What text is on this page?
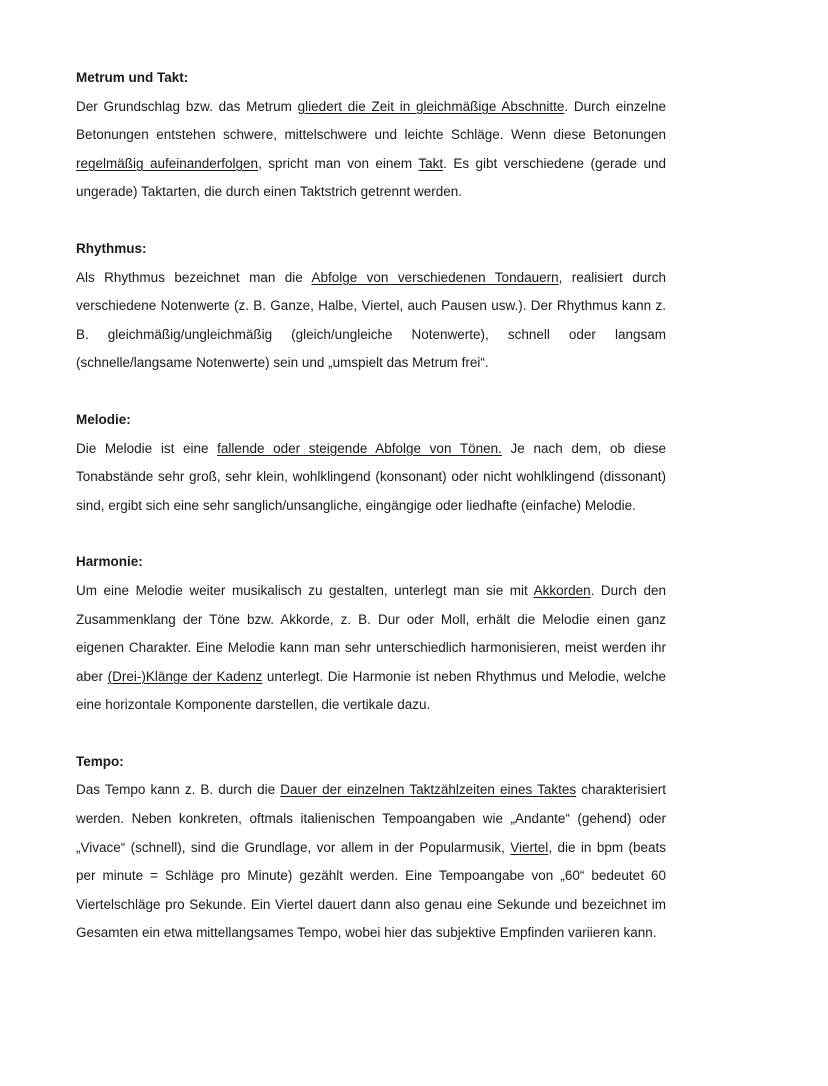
Metrum und Takt:

Der Grundschlag bzw. das Metrum gliedert die Zeit in gleichmäßige Abschnitte. Durch einzelne Betonungen entstehen schwere, mittelschwere und leichte Schläge. Wenn diese Betonungen regelmäßig aufeinanderfolgen, spricht man von einem Takt. Es gibt verschiedene (gerade und ungerade) Taktarten, die durch einen Taktstrich getrennt werden.

Rhythmus:

Als Rhythmus bezeichnet man die Abfolge von verschiedenen Tondauern, realisiert durch verschiedene Notenwerte (z. B. Ganze, Halbe, Viertel, auch Pausen usw.). Der Rhythmus kann z. B. gleichmäßig/ungleichmäßig (gleich/ungleiche Notenwerte), schnell oder langsam (schnelle/langsame Notenwerte) sein und „umspielt das Metrum frei“.

Melodie:

Die Melodie ist eine fallende oder steigende Abfolge von Tönen. Je nach dem, ob diese Tonabstände sehr groß, sehr klein, wohlklingend (konsonant) oder nicht wohlklingend (dissonant) sind, ergibt sich eine sehr sanglich/unsangliche, eingängige oder liedhafte (einfache) Melodie.

Harmonie:

Um eine Melodie weiter musikalisch zu gestalten, unterlegt man sie mit Akkorden. Durch den Zusammenklang der Töne bzw. Akkorde, z. B. Dur oder Moll, erhält die Melodie einen ganz eigenen Charakter. Eine Melodie kann man sehr unterschiedlich harmonisieren, meist werden ihr aber (Drei-)Klänge der Kadenz unterlegt. Die Harmonie ist neben Rhythmus und Melodie, welche eine horizontale Komponente darstellen, die vertikale dazu.

Tempo:

Das Tempo kann z. B. durch die Dauer der einzelnen Taktzählzeiten eines Taktes charakterisiert werden. Neben konkreten, oftmals italienischen Tempoangaben wie „Andante“ (gehend) oder „Vivace“ (schnell), sind die Grundlage, vor allem in der Popularmusik, Viertel, die in bpm (beats per minute = Schläge pro Minute) gezählt werden. Eine Tempoangabe von „60“ bedeutet 60 Viertelschläge pro Sekunde. Ein Viertel dauert dann also genau eine Sekunde und bezeichnet im Gesamten ein etwa mittellangsames Tempo, wobei hier das subjektive Empfinden variieren kann.
